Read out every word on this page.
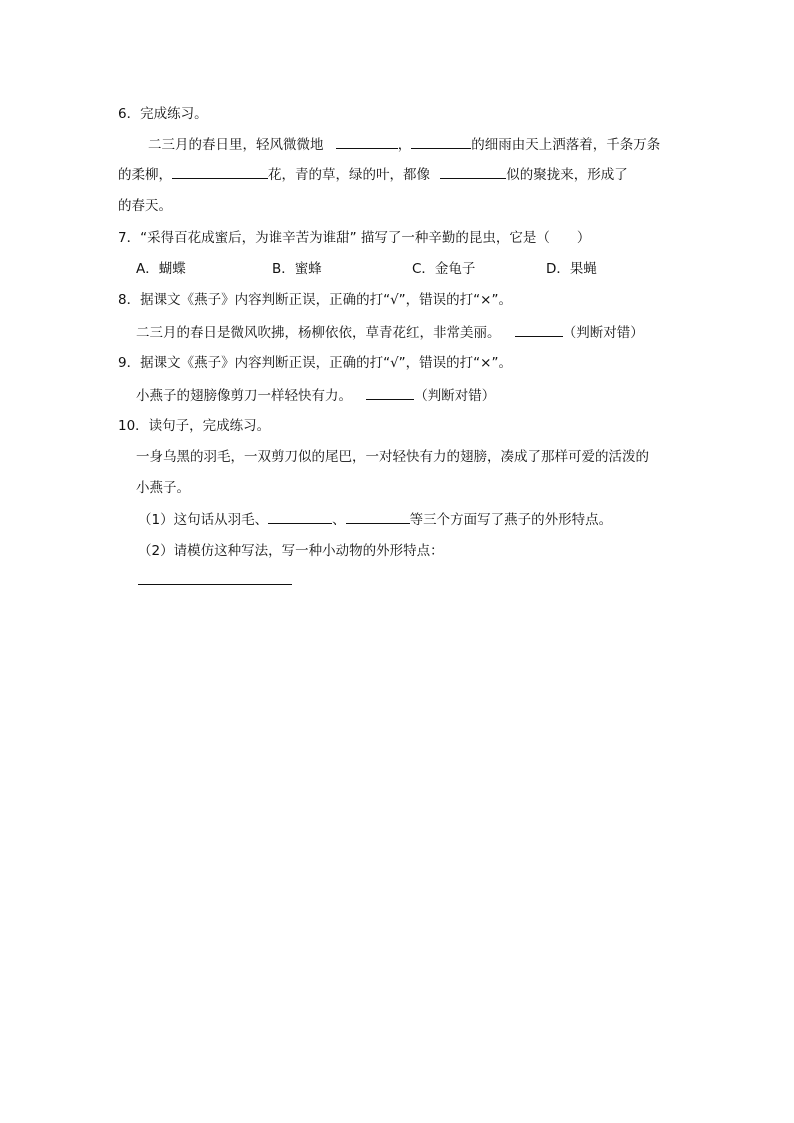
6．完成练习。
二三月的春日里，轻风微微地	，	的细雨由天上洒落着，千条万条
的柔柳，	花，青的草，绿的叶，都像	似的聚拢来，形成了
的春天。
7．“采得百花成蜜后，为谁辛苦为谁甜” 描写了一种辛勤的昆虫，它是（　　）
A．蝴蝶	B．蜜蜂	C．金龟子	D．果蝇
8．据课文《燕子》内容判断正误，正确的打“√”，错误的打“×”。
二三月的春日是微风吹拂，杨柳依依，草青花红，非常美丽。	（判断对错）
9．据课文《燕子》内容判断正误，正确的打“√”，错误的打“×”。
小燕子的翅膀像剪刀一样轻快有力。	（判断对错）
10．读句子，完成练习。
一身乌黑的羽毛，一双剪刀似的尾巴，一对轻快有力的翅膀，凑成了那样可爱的活泼的
小燕子。
（1）这句话从羽毛、	、	等三个方面写了燕子的外形特点。
（2）请模仿这种写法，写一种小动物的外形特点：
